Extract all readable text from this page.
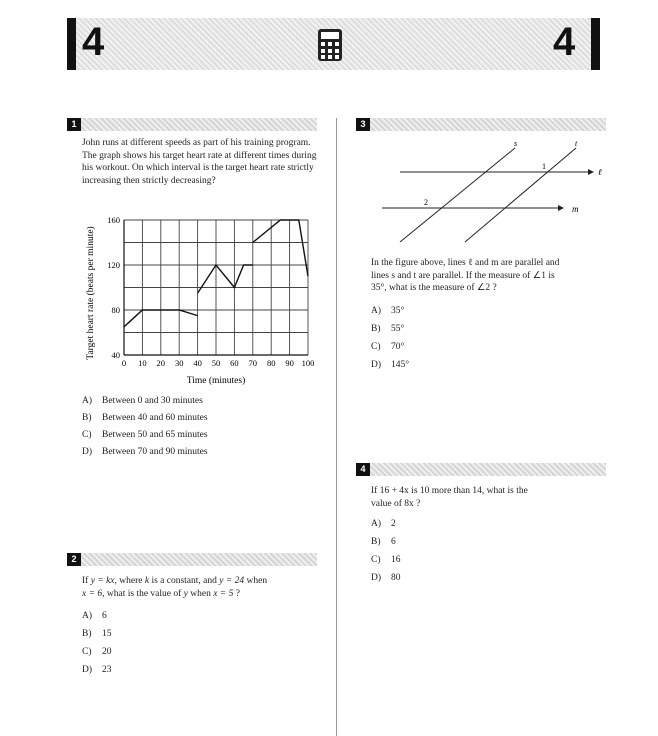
4	4
1
John runs at different speeds as part of his training program. The graph shows his target heart rate at different times during his workout. On which interval is the target heart rate strictly increasing then strictly decreasing?
0 10 20 30 40 50 60 70 80 90 100
40
80
120
160
Time (minutes)
Target heart rate (beats per minute)
A) Between 0 and 30 minutes
B) Between 40 and 60 minutes
C) Between 50 and 65 minutes
D) Between 70 and 90 minutes
2
If y = kx, where k is a constant, and y = 24 when
x = 6, what is the value of y when x = 5 ?
A) 6
B) 15
C) 20
D) 23
3
s	t
ℓ
m
1
2
In the figure above, lines ℓ and m are parallel and
lines s and t are parallel. If the measure of ∠1 is
35°, what is the measure of ∠2 ?
A) 35°
B) 55°
C) 70°
D) 145°
4
If 16 + 4x is 10 more than 14, what is the
value of 8x ?
A) 2
B) 6
C) 16
D) 80
